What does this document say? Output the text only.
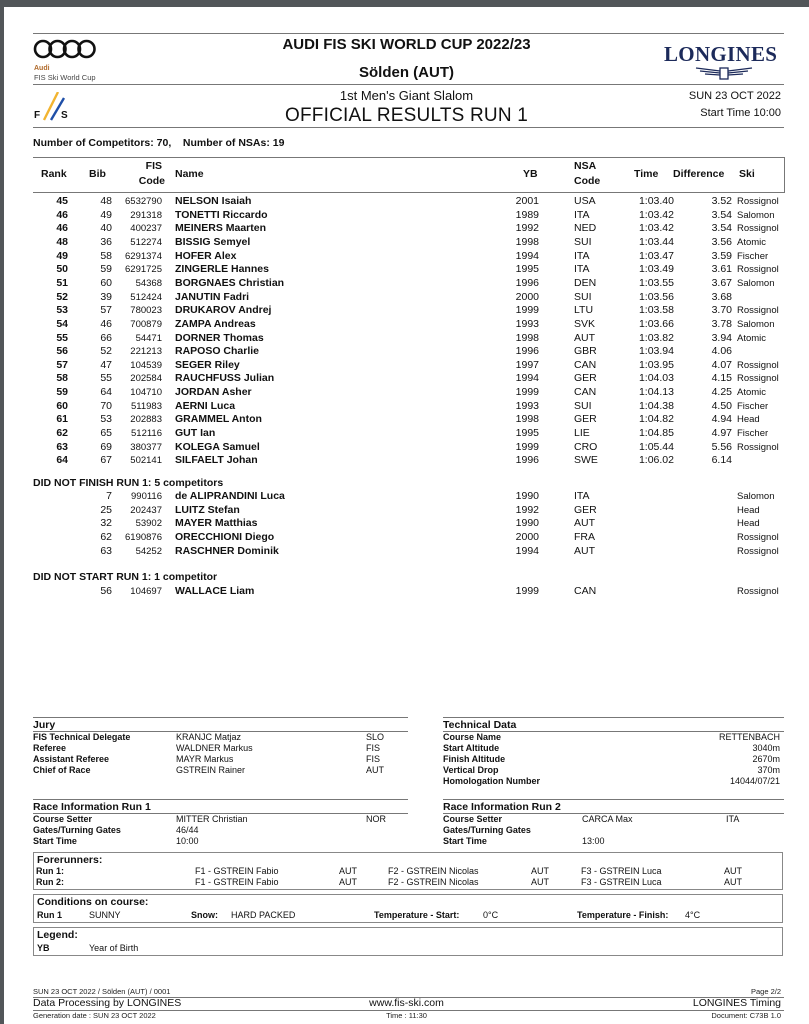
Audi
FIS Ski World Cup
F S
AUDI FIS SKI WORLD CUP 2022/23
Sölden (AUT)
1st Men's Giant Slalom
OFFICIAL RESULTS RUN 1
SUN 23 OCT 2022
Start Time 10:00
LONGINES
Number of Competitors: 70,    Number of NSAs: 19
Rank Bib
FIS
Code
Name	YB
NSA
Code
Time Difference Ski
45	48	6532790 NELSON Isaiah	2001	USA	1:03.40	3.52 Rossignol
46	49	291318 TONETTI Riccardo	1989	ITA	1:03.42	3.54 Salomon
46	40	400237 MEINERS Maarten	1992	NED	1:03.42	3.54 Rossignol
48	36	512274 BISSIG Semyel	1998	SUI	1:03.44	3.56 Atomic
49	58	6291374 HOFER Alex	1994	ITA	1:03.47	3.59 Fischer
50	59	6291725 ZINGERLE Hannes	1995	ITA	1:03.49	3.61 Rossignol
51	60	54368 BORGNAES Christian	1996	DEN	1:03.55	3.67 Salomon
52	39	512424 JANUTIN Fadri	2000	SUI	1:03.56	3.68
53	57	780023 DRUKAROV Andrej	1999	LTU	1:03.58	3.70 Rossignol
54	46	700879 ZAMPA Andreas	1993	SVK	1:03.66	3.78 Salomon
55	66	54471 DORNER Thomas	1998	AUT	1:03.82	3.94 Atomic
56	52	221213 RAPOSO Charlie	1996	GBR	1:03.94	4.06
57	47	104539 SEGER Riley	1997	CAN	1:03.95	4.07 Rossignol
58	55	202584 RAUCHFUSS Julian	1994	GER	1:04.03	4.15 Rossignol
59	64	104710 JORDAN Asher	1999	CAN	1:04.13	4.25 Atomic
60	70	511983 AERNI Luca	1993	SUI	1:04.38	4.50 Fischer
61	53	202883 GRAMMEL Anton	1998	GER	1:04.82	4.94 Head
62	65	512116 GUT Ian	1995	LIE	1:04.85	4.97 Fischer
63	69	380377 KOLEGA Samuel	1999	CRO	1:05.44	5.56 Rossignol
64	67	502141 SILFAELT Johan	1996	SWE	1:06.02	6.14
DID NOT FINISH RUN 1: 5 competitors
7	990116 de ALIPRANDINI Luca	1990	ITA	Salomon
25	202437 LUITZ Stefan	1992	GER	Head
32	53902 MAYER Matthias	1990	AUT	Head
62	6190876 ORECCHIONI Diego	2000	FRA	Rossignol
63	54252 RASCHNER Dominik	1994	AUT	Rossignol
DID NOT START RUN 1: 1 competitor
56	104697 WALLACE Liam	1999	CAN	Rossignol
Jury
FIS Technical Delegate	KRANJC Matjaz	SLO
Referee	WALDNER Markus	FIS
Assistant Referee	MAYR Markus	FIS
Chief of Race	GSTREIN Rainer	AUT
Technical Data
Course Name	RETTENBACH
Start Altitude	3040m
Finish Altitude	2670m
Vertical Drop	370m
Homologation Number	14044/07/21
Race Information Run 1
Course Setter	MITTER Christian	NOR
Gates/Turning Gates	46/44
Start Time	10:00
Race Information Run 2
Course Setter	CARCA Max	ITA
Gates/Turning Gates
Start Time	13:00
Forerunners:
Run 1:	F1 - GSTREIN Fabio	AUT	F2 - GSTREIN Nicolas	AUT	F3 - GSTREIN Luca	AUT
Run 2:	F1 - GSTREIN Fabio	AUT	F2 - GSTREIN Nicolas	AUT	F3 - GSTREIN Luca	AUT
Conditions on course:
Run 1	SUNNY	Snow: HARD PACKED	Temperature - Start:	0°C	Temperature - Finish: 4°C
Legend:
YB	Year of Birth
SUN 23 OCT 2022 / Sölden (AUT) / 0001	Page 2/2
Data Processing by LONGINES	www.fis-ski.com	LONGINES Timing
Generation date : SUN 23 OCT 2022	Time : 11:30	Document: C73B 1.0
